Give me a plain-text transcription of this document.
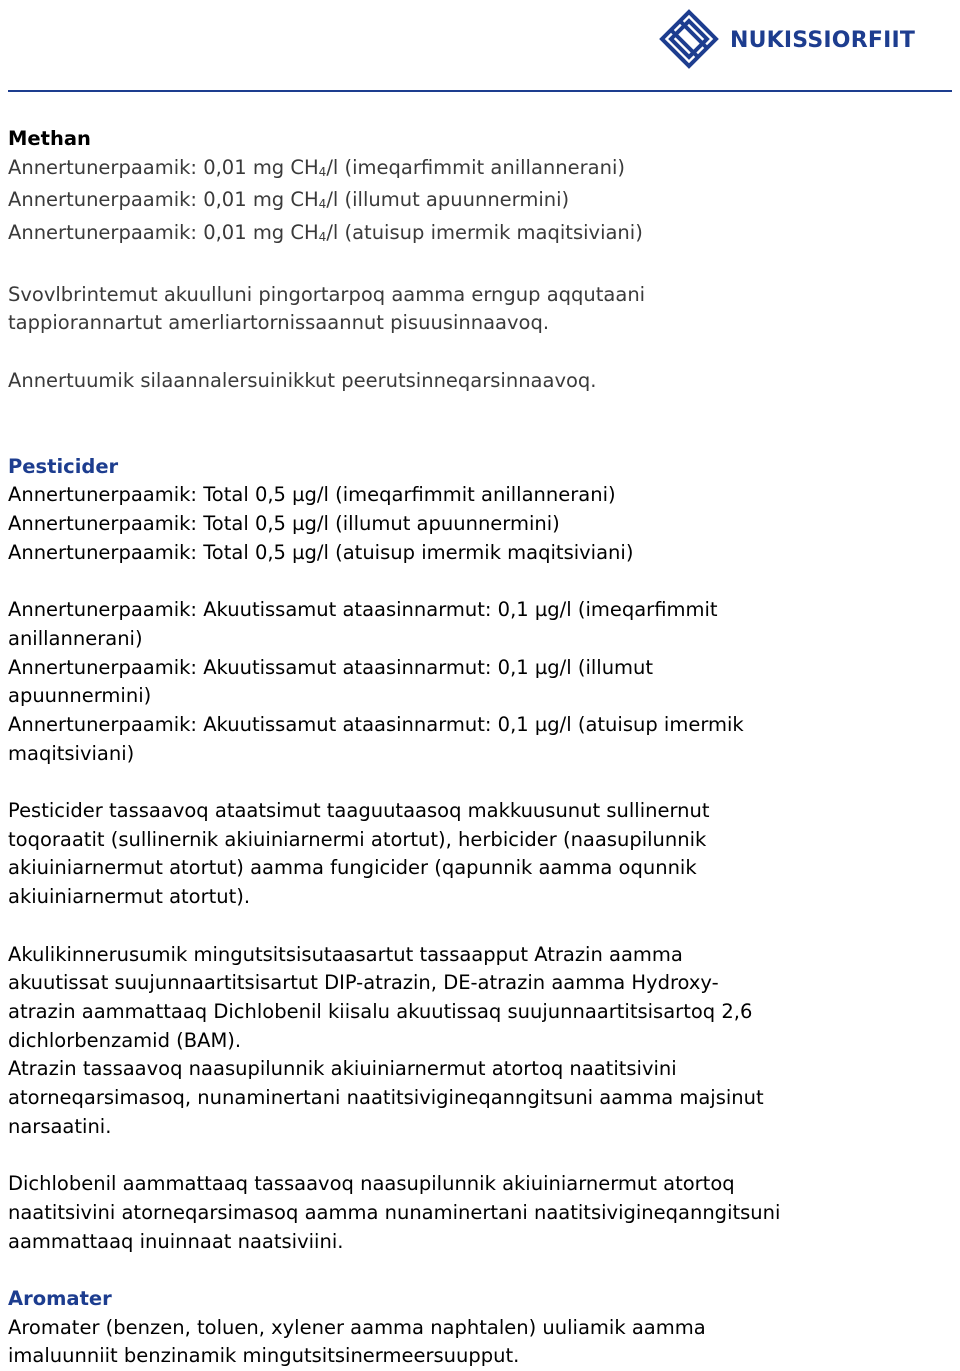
NUKISSIORFIIT

Methan

Annertunerpaamik: 0,01 mg CH4/l (imeqarfimmit anillannerani)

Annertunerpaamik: 0,01 mg CH4/l (illumut apuunnermini)

Annertunerpaamik: 0,01 mg CH4/l (atuisup imermik maqitsiviani)

Svovlbrintemut akuulluni pingortarpoq aamma erngup aqqutaani

tappiorannartut amerliartornissaannut pisuusinnaavoq.

Annertuumik silaannalersuinikkut peerutsinneqarsinnaavoq.

Pesticider

Annertunerpaamik: Total 0,5 µg/l (imeqarfimmit anillannerani)

Annertunerpaamik: Total 0,5 µg/l (illumut apuunnermini)

Annertunerpaamik: Total 0,5 µg/l (atuisup imermik maqitsiviani)

Annertunerpaamik: Akuutissamut ataasinnarmut: 0,1 µg/l (imeqarfimmit

anillannerani)

Annertunerpaamik: Akuutissamut ataasinnarmut: 0,1 µg/l (illumut

apuunnermini)

Annertunerpaamik: Akuutissamut ataasinnarmut: 0,1 µg/l (atuisup imermik

maqitsiviani)

Pesticider tassaavoq ataatsimut taaguutaasoq makkuusunut sullinernut

toqoraatit (sullinernik akiuiniarnermi atortut), herbicider (naasupilunnik

akiuiniarnermut atortut) aamma fungicider (qapunnik aamma oqunnik

akiuiniarnermut atortut).

Akulikinnerusumik mingutsitsisutaasartut tassaapput Atrazin aamma

akuutissat suujunnaartitsisartut DIP-atrazin, DE-atrazin aamma Hydroxy-

atrazin aammattaaq Dichlobenil kiisalu akuutissaq suujunnaartitsisartoq 2,6

dichlorbenzamid (BAM).

Atrazin tassaavoq naasupilunnik akiuiniarnermut atortoq naatitsivini

atorneqarsimasoq, nunaminertani naatitsivigineqanngitsuni aamma majsinut

narsaatini.

Dichlobenil aammattaaq tassaavoq naasupilunnik akiuiniarnermut atortoq

naatitsivini atorneqarsimasoq aamma nunaminertani naatitsivigineqanngitsuni

aammattaaq inuinnaat naatsiviini.

Aromater

Aromater (benzen, toluen, xylener aamma naphtalen) uuliamik aamma

imaluunniit benzinamik mingutsitsinermeersuupput.
